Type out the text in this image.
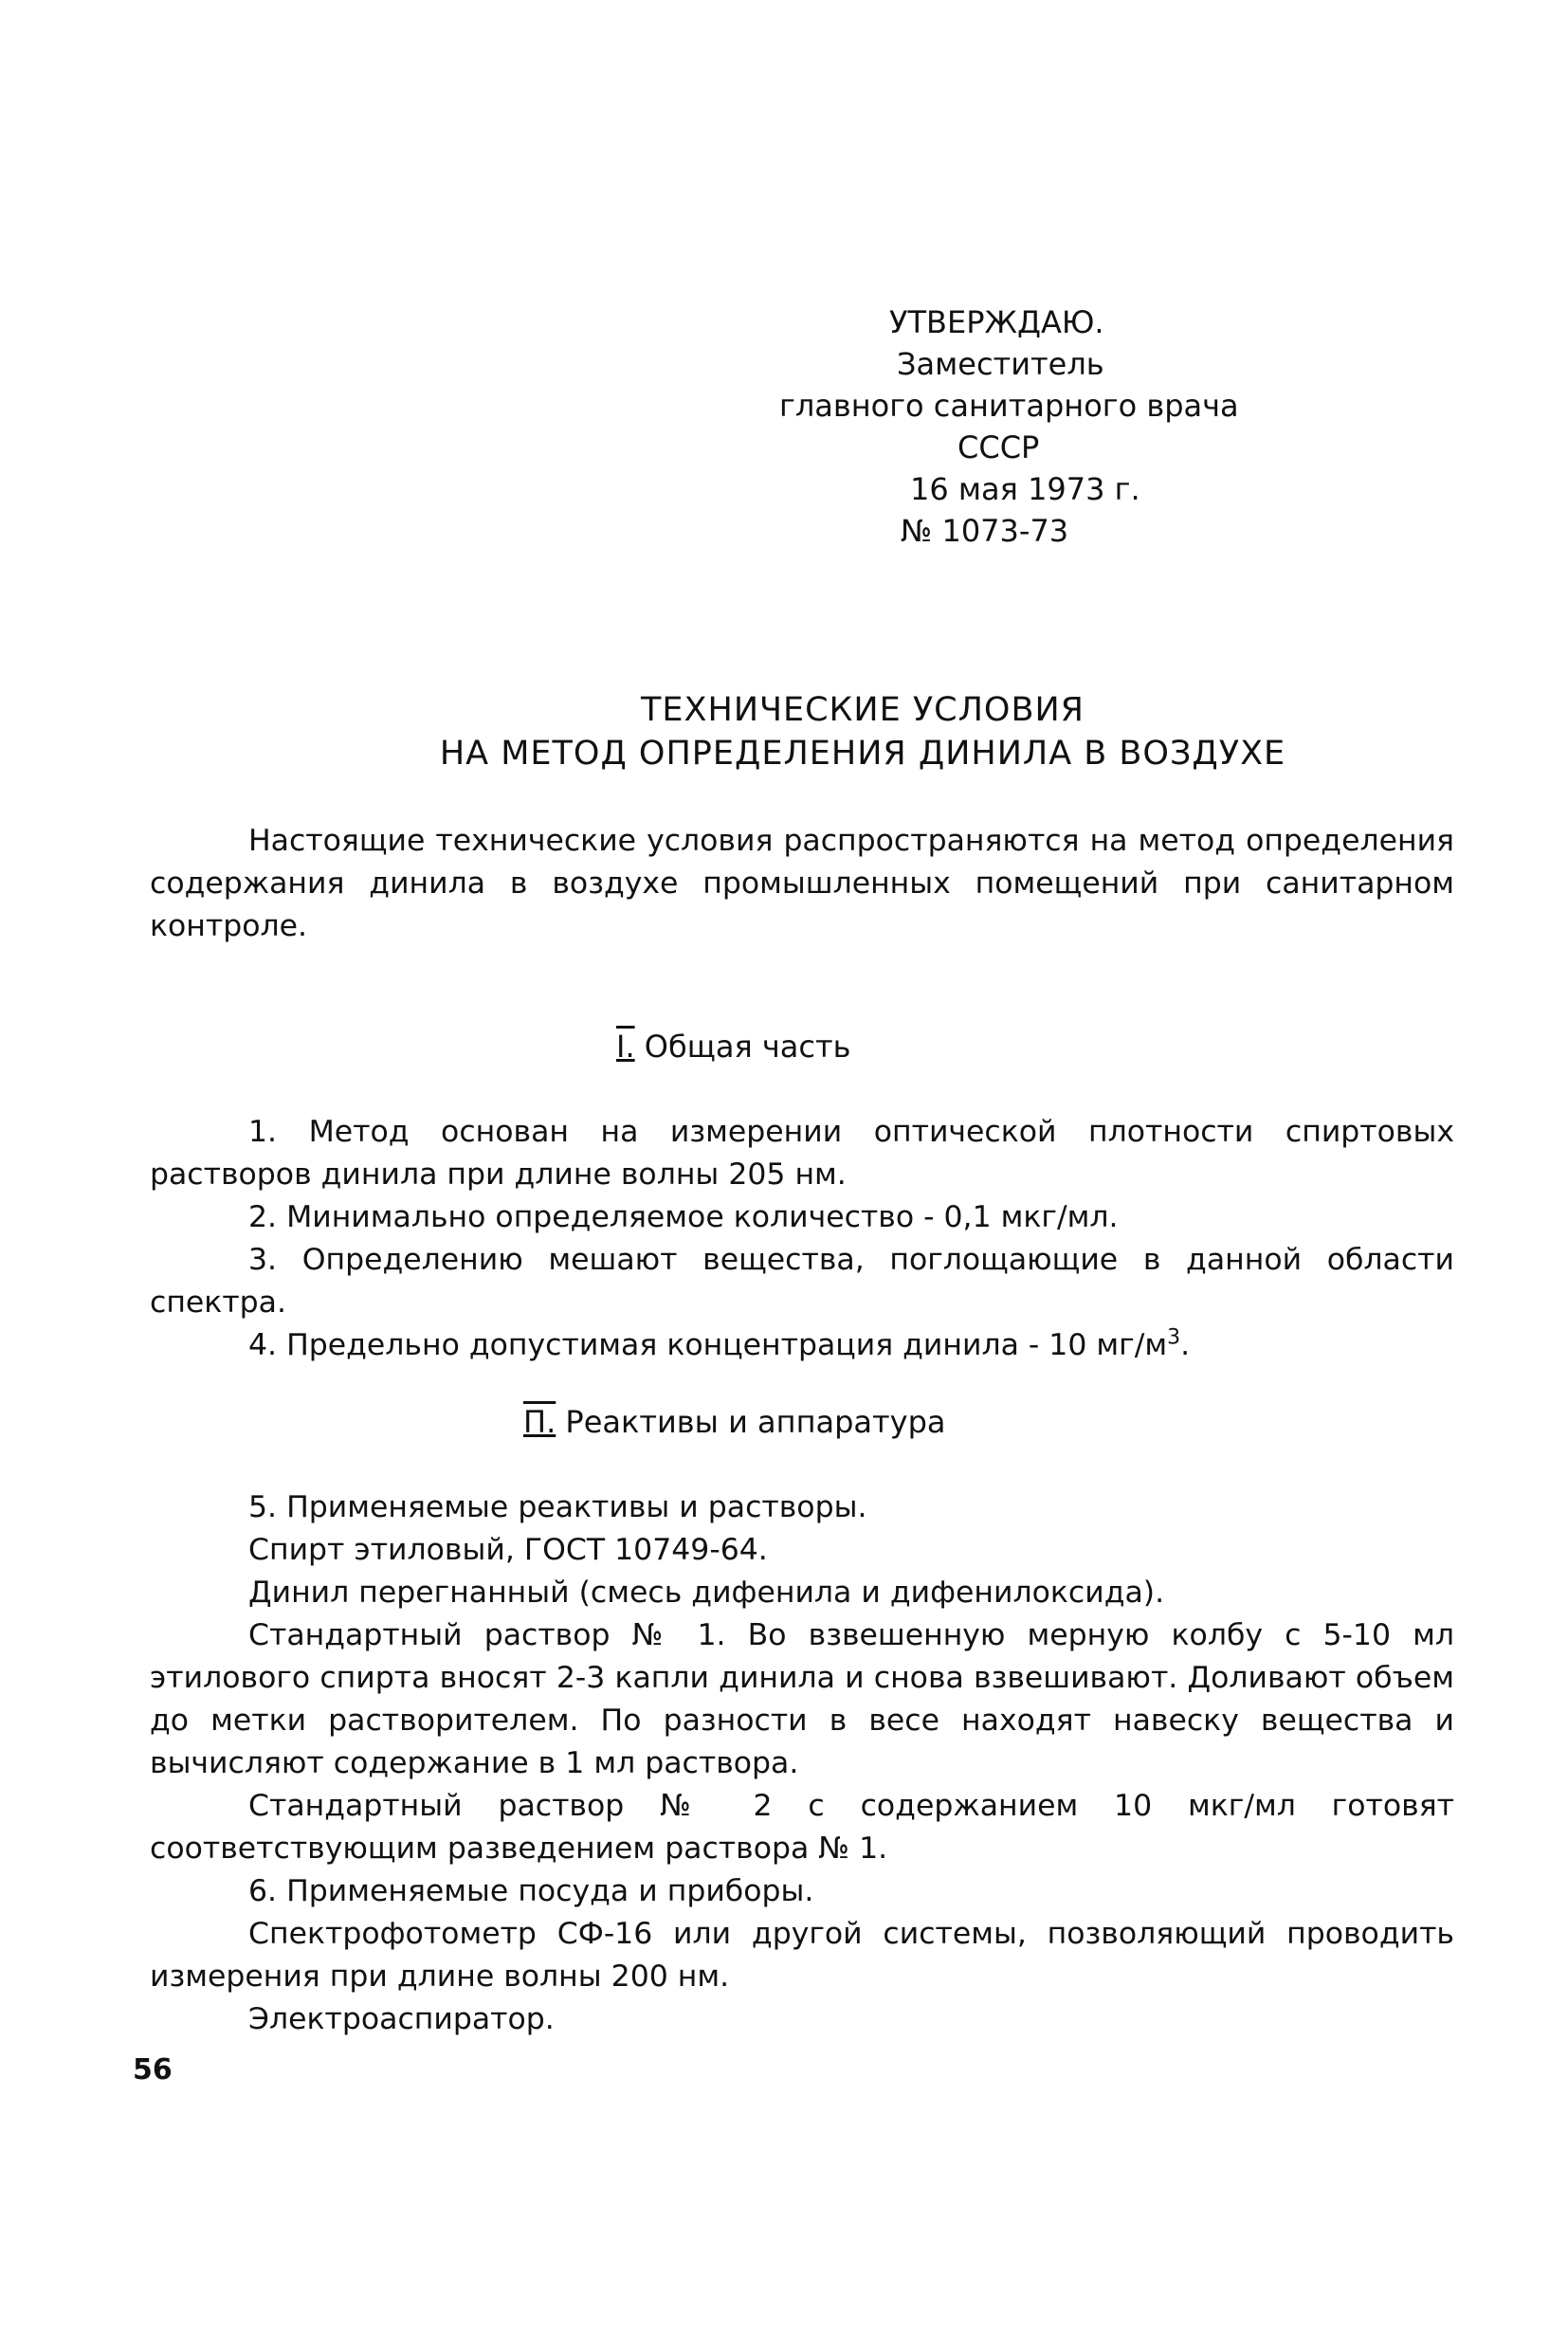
УТВЕРЖДАЮ.
Заместитель
главного санитарного врача
СССР
16 мая 1973 г.
№ 1073-73
ТЕХНИЧЕСКИЕ УСЛОВИЯ
НА МЕТОД ОПРЕДЕЛЕНИЯ ДИНИЛА В ВОЗДУХЕ

Настоящие технические условия распространяются на метод определения содержания динила в воздухе промышленных помещений при санитарном контроле.

I. Общая часть

1. Метод основан на измерении оптической плотности спиртовых растворов динила при длине волны 205 нм.

2. Минимально определяемое количество - 0,1 мкг/мл.

3. Определению мешают вещества, поглощающие в данной области спектра.

4. Предельно допустимая концентрация динила - 10 $мг/м^3$.

П. Реактивы и аппаратура

5. Применяемые реактивы и растворы.

Спирт этиловый, ГОСТ 10749-64.

Динил перегнанный (смесь дифенила и дифенилоксида).

Стандартный раствор № 1. Во взвешенную мерную колбу с 5-10 мл этилового спирта вносят 2-3 капли динила и снова взвешивают. Доливают объем до метки растворителем. По разности в весе находят навеску вещества и вычисляют содержание в 1 мл раствора.

Стандартный раствор № 2 с содержанием 10 мкг/мл готовят соответствующим разведением раствора № 1.

6. Применяемые посуда и приборы.

Спектрофотометр СФ-16 или другой системы, позволяющий проводить измерения при длине волны 200 нм.

Электроаспиратор.

56
